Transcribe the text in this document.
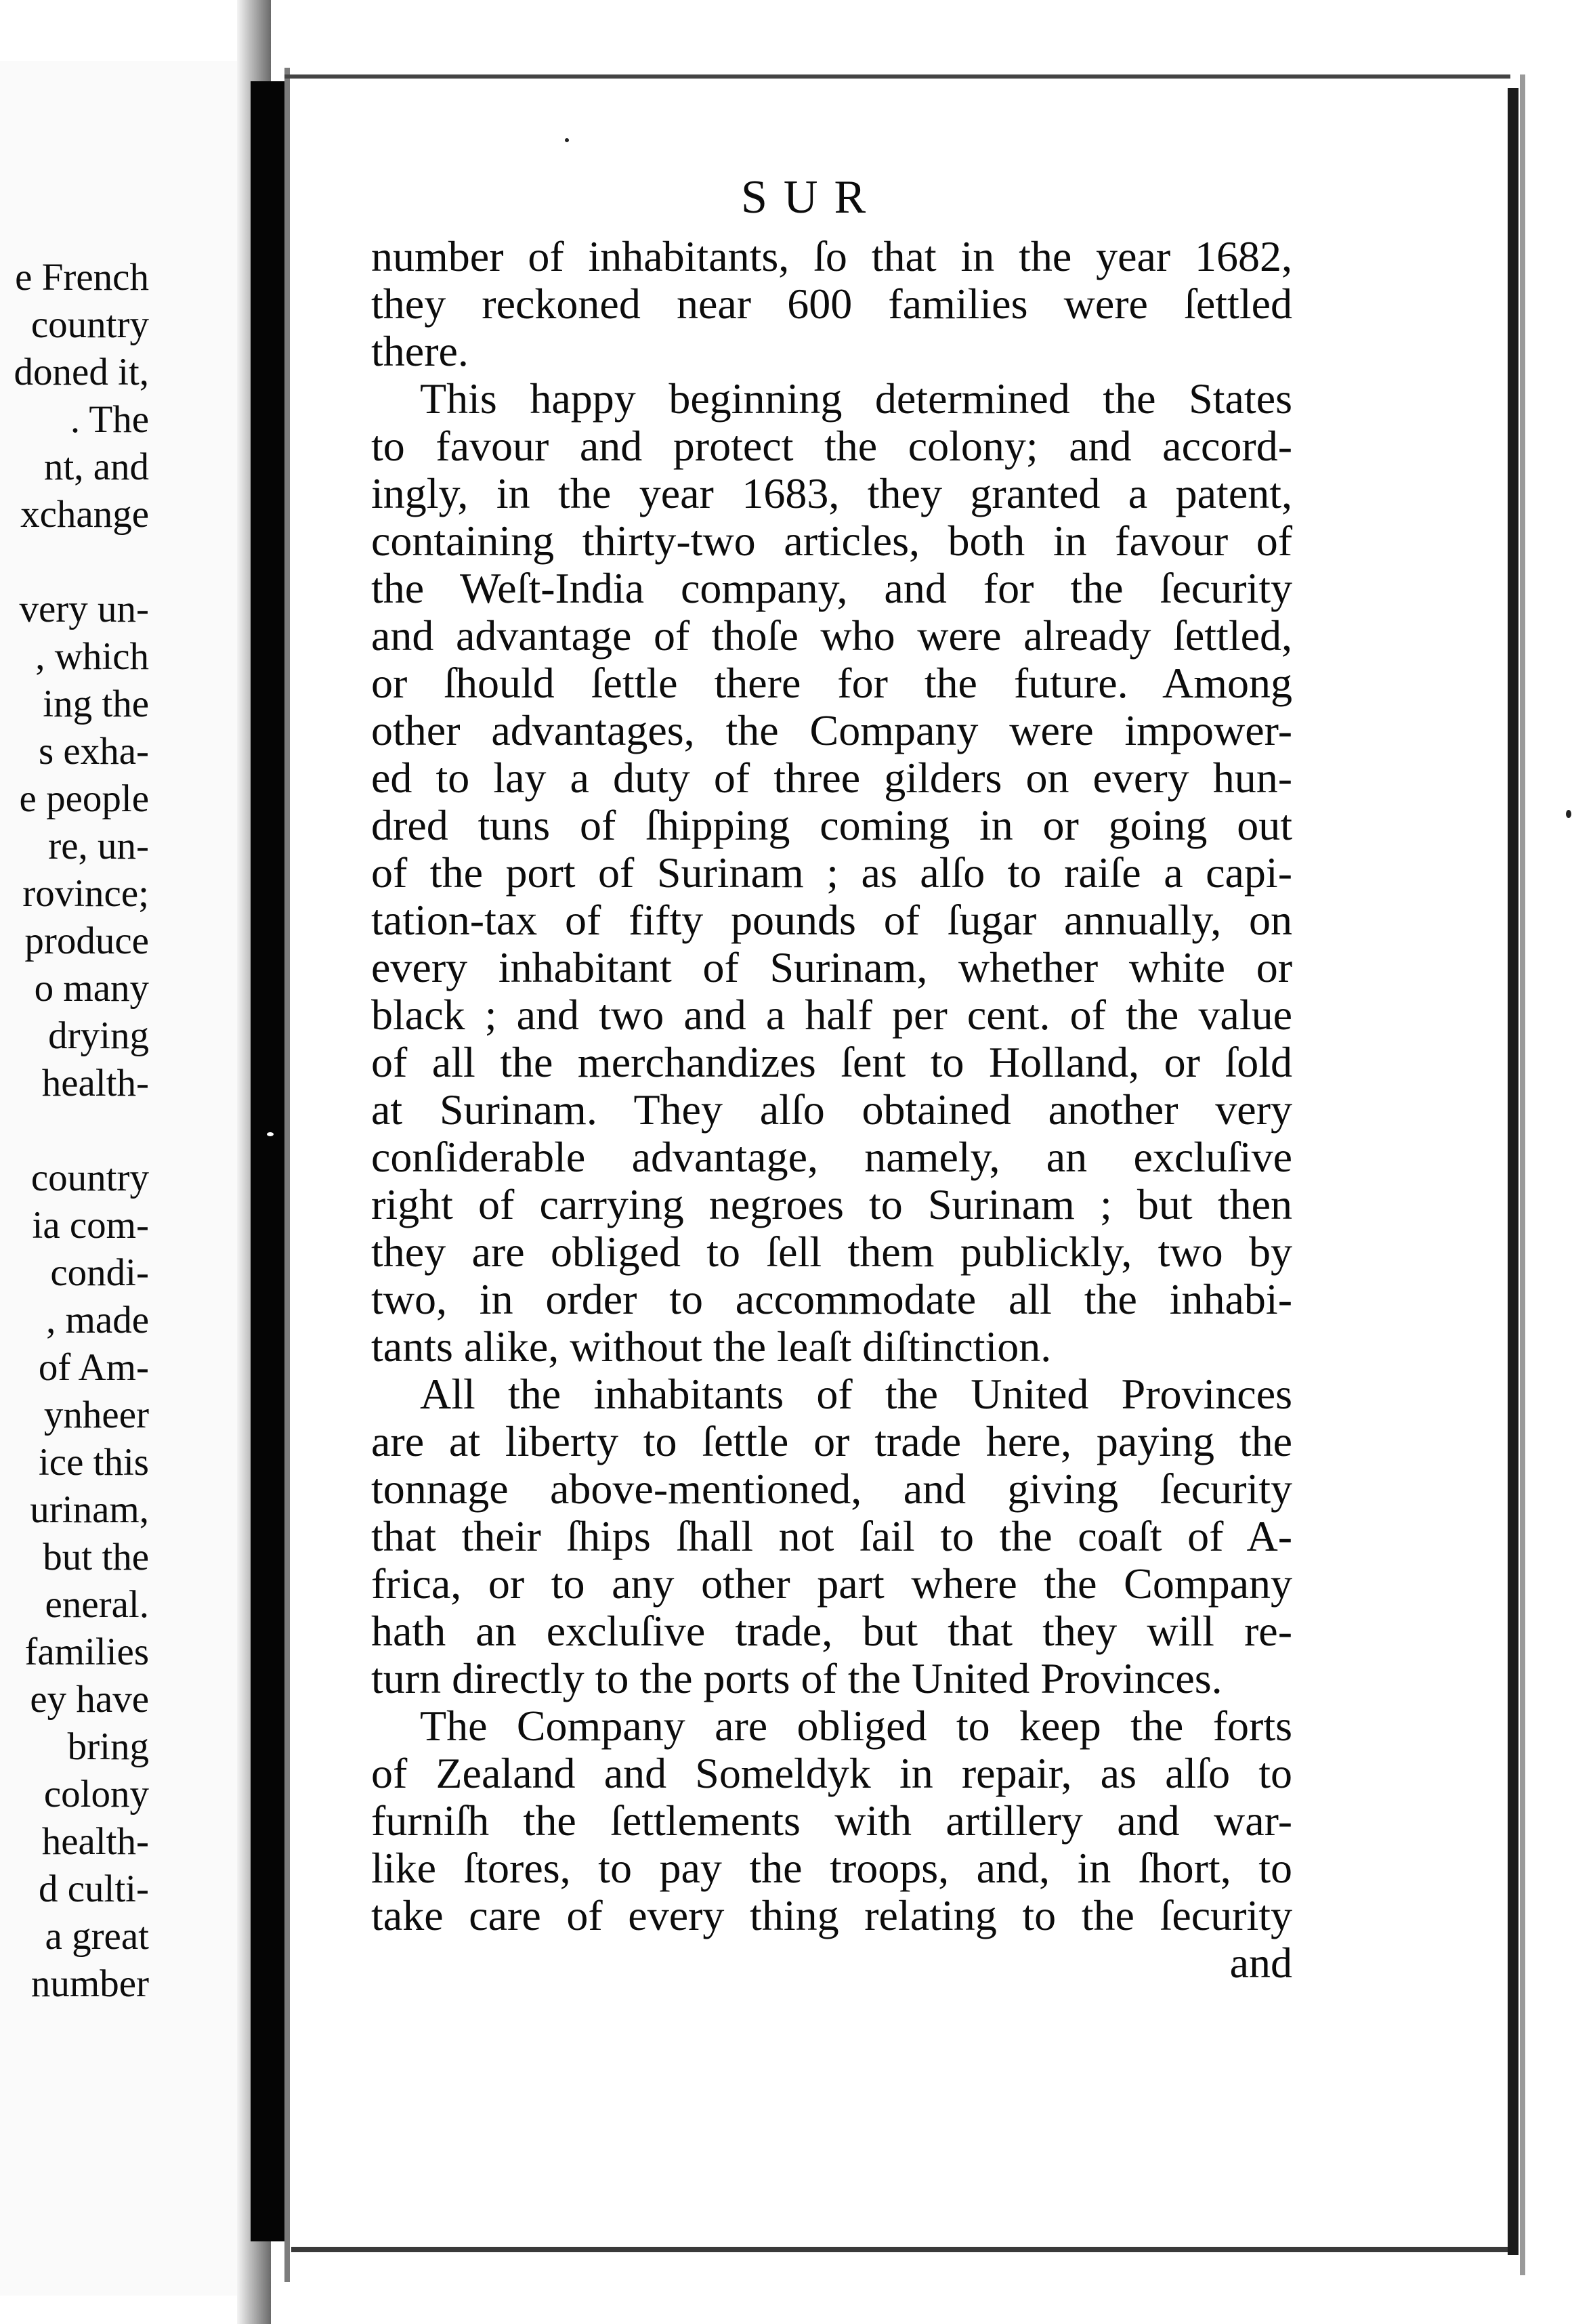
e French
country
doned it,
. The
nt, and
xchange
very un-
, which
ing the
s exha-
e people
re, un-
rovince;
produce
o many
drying
health-
country
ia com-
condi-
, made
of Am-
ynheer
ice this
urinam,
but the
eneral.
families
ey have
bring
colony
health-
d culti-
a great
number
SUR
number of inhabitants, ſo that in the year 1682,
they reckoned near 600 families were ſettled
there.
This happy beginning determined the States
to favour and protect the colony; and accord-
ingly, in the year 1683, they granted a patent,
containing thirty-two articles, both in favour of
the Weſt-India company, and for the ſecurity
and advantage of thoſe who were already ſettled,
or ſhould ſettle there for the future. Among
other advantages, the Company were impower-
ed to lay a duty of three gilders on every hun-
dred tuns of ſhipping coming in or going out
of the port of Surinam ; as alſo to raiſe a capi-
tation-tax of fifty pounds of ſugar annually, on
every inhabitant of Surinam, whether white or
black ; and two and a half per cent. of the value
of all the merchandizes ſent to Holland, or ſold
at Surinam. They alſo obtained another very
conſiderable advantage, namely, an excluſive
right of carrying negroes to Surinam ; but then
they are obliged to ſell them publickly, two by
two, in order to accommodate all the inhabi-
tants alike, without the leaſt diſtinction.
All the inhabitants of the United Provinces
are at liberty to ſettle or trade here, paying the
tonnage above-mentioned, and giving ſecurity
that their ſhips ſhall not ſail to the coaſt of A-
frica, or to any other part where the Company
hath an excluſive trade, but that they will re-
turn directly to the ports of the United Provinces.
The Company are obliged to keep the forts
of Zealand and Someldyk in repair, as alſo to
furniſh the ſettlements with artillery and war-
like ſtores, to pay the troops, and, in ſhort, to
take care of every thing relating to the ſecurity
and
